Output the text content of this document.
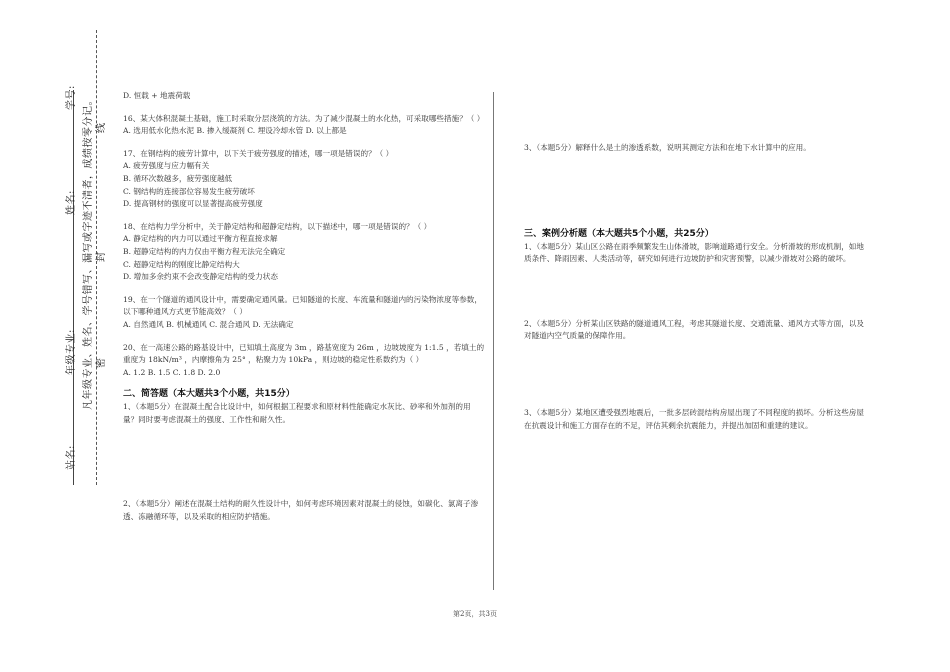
学号:
姓名:
年级专业:
站名:
凡年级专业、姓名、学号错写、漏写或字迹不清者，成绩按零分记。 密
封
线

D. 恒载 + 地震荷载

16、某大体积混凝土基础，施工时采取分层浇筑的方法。为了减少混凝土的水化热，可采取哪些措施？（ ）

A. 选用低水化热水泥 B. 掺入缓凝剂 C. 埋设冷却水管 D. 以上都是

17、在钢结构的疲劳计算中，以下关于疲劳强度的描述，哪一项是错误的？（ ）

A. 疲劳强度与应力幅有关

B. 循环次数越多，疲劳强度越低

C. 钢结构的连接部位容易发生疲劳破坏

D. 提高钢材的强度可以显著提高疲劳强度

18、在结构力学分析中，关于静定结构和超静定结构，以下描述中，哪一项是错误的？（ ）

A. 静定结构的内力可以通过平衡方程直接求解

B. 超静定结构的内力仅由平衡方程无法完全确定

C. 超静定结构的刚度比静定结构大

D. 增加多余约束不会改变静定结构的受力状态

19、在一个隧道的通风设计中，需要确定通风量。已知隧道的长度、车流量和隧道内的污染物浓度等参数，以下哪种通风方式更节能高效？（ ）

A. 自然通风 B. 机械通风 C. 混合通风 D. 无法确定

20、在一高速公路的路基设计中，已知填土高度为 3m ，路基宽度为 26m ，边坡坡度为 1:1.5 ，若填土的重度为 18kN/m³ ，内摩擦角为 25° ，粘聚力为 10kPa ，则边坡的稳定性系数约为（ ）

A. 1.2 B. 1.5 C. 1.8 D. 2.0

二、简答题（本大题共3个小题，共15分）

1、（本题5分）在混凝土配合比设计中，如何根据工程要求和原材料性能确定水灰比、砂率和外加剂的用量？同时要考虑混凝土的强度、工作性和耐久性。

2、（本题5分）阐述在混凝土结构的耐久性设计中，如何考虑环境因素对混凝土的侵蚀，如碳化、氯离子渗透、冻融循环等，以及采取的相应防护措施。

3、（本题5分）解释什么是土的渗透系数，说明其测定方法和在地下水计算中的应用。

三、案例分析题（本大题共5个小题，共25分）

1、（本题5分）某山区公路在雨季频繁发生山体滑坡，影响道路通行安全。分析滑坡的形成机制，如地质条件、降雨因素、人类活动等，研究如何进行边坡防护和灾害预警，以减少滑坡对公路的破坏。

2、（本题5分）分析某山区铁路的隧道通风工程，考虑其隧道长度、交通流量、通风方式等方面，以及对隧道内空气质量的保障作用。

3、（本题5分）某地区遭受强烈地震后，一批多层砖混结构房屋出现了不同程度的损坏。分析这些房屋在抗震设计和施工方面存在的不足，评估其剩余抗震能力，并提出加固和重建的建议。

第2页，共3页
